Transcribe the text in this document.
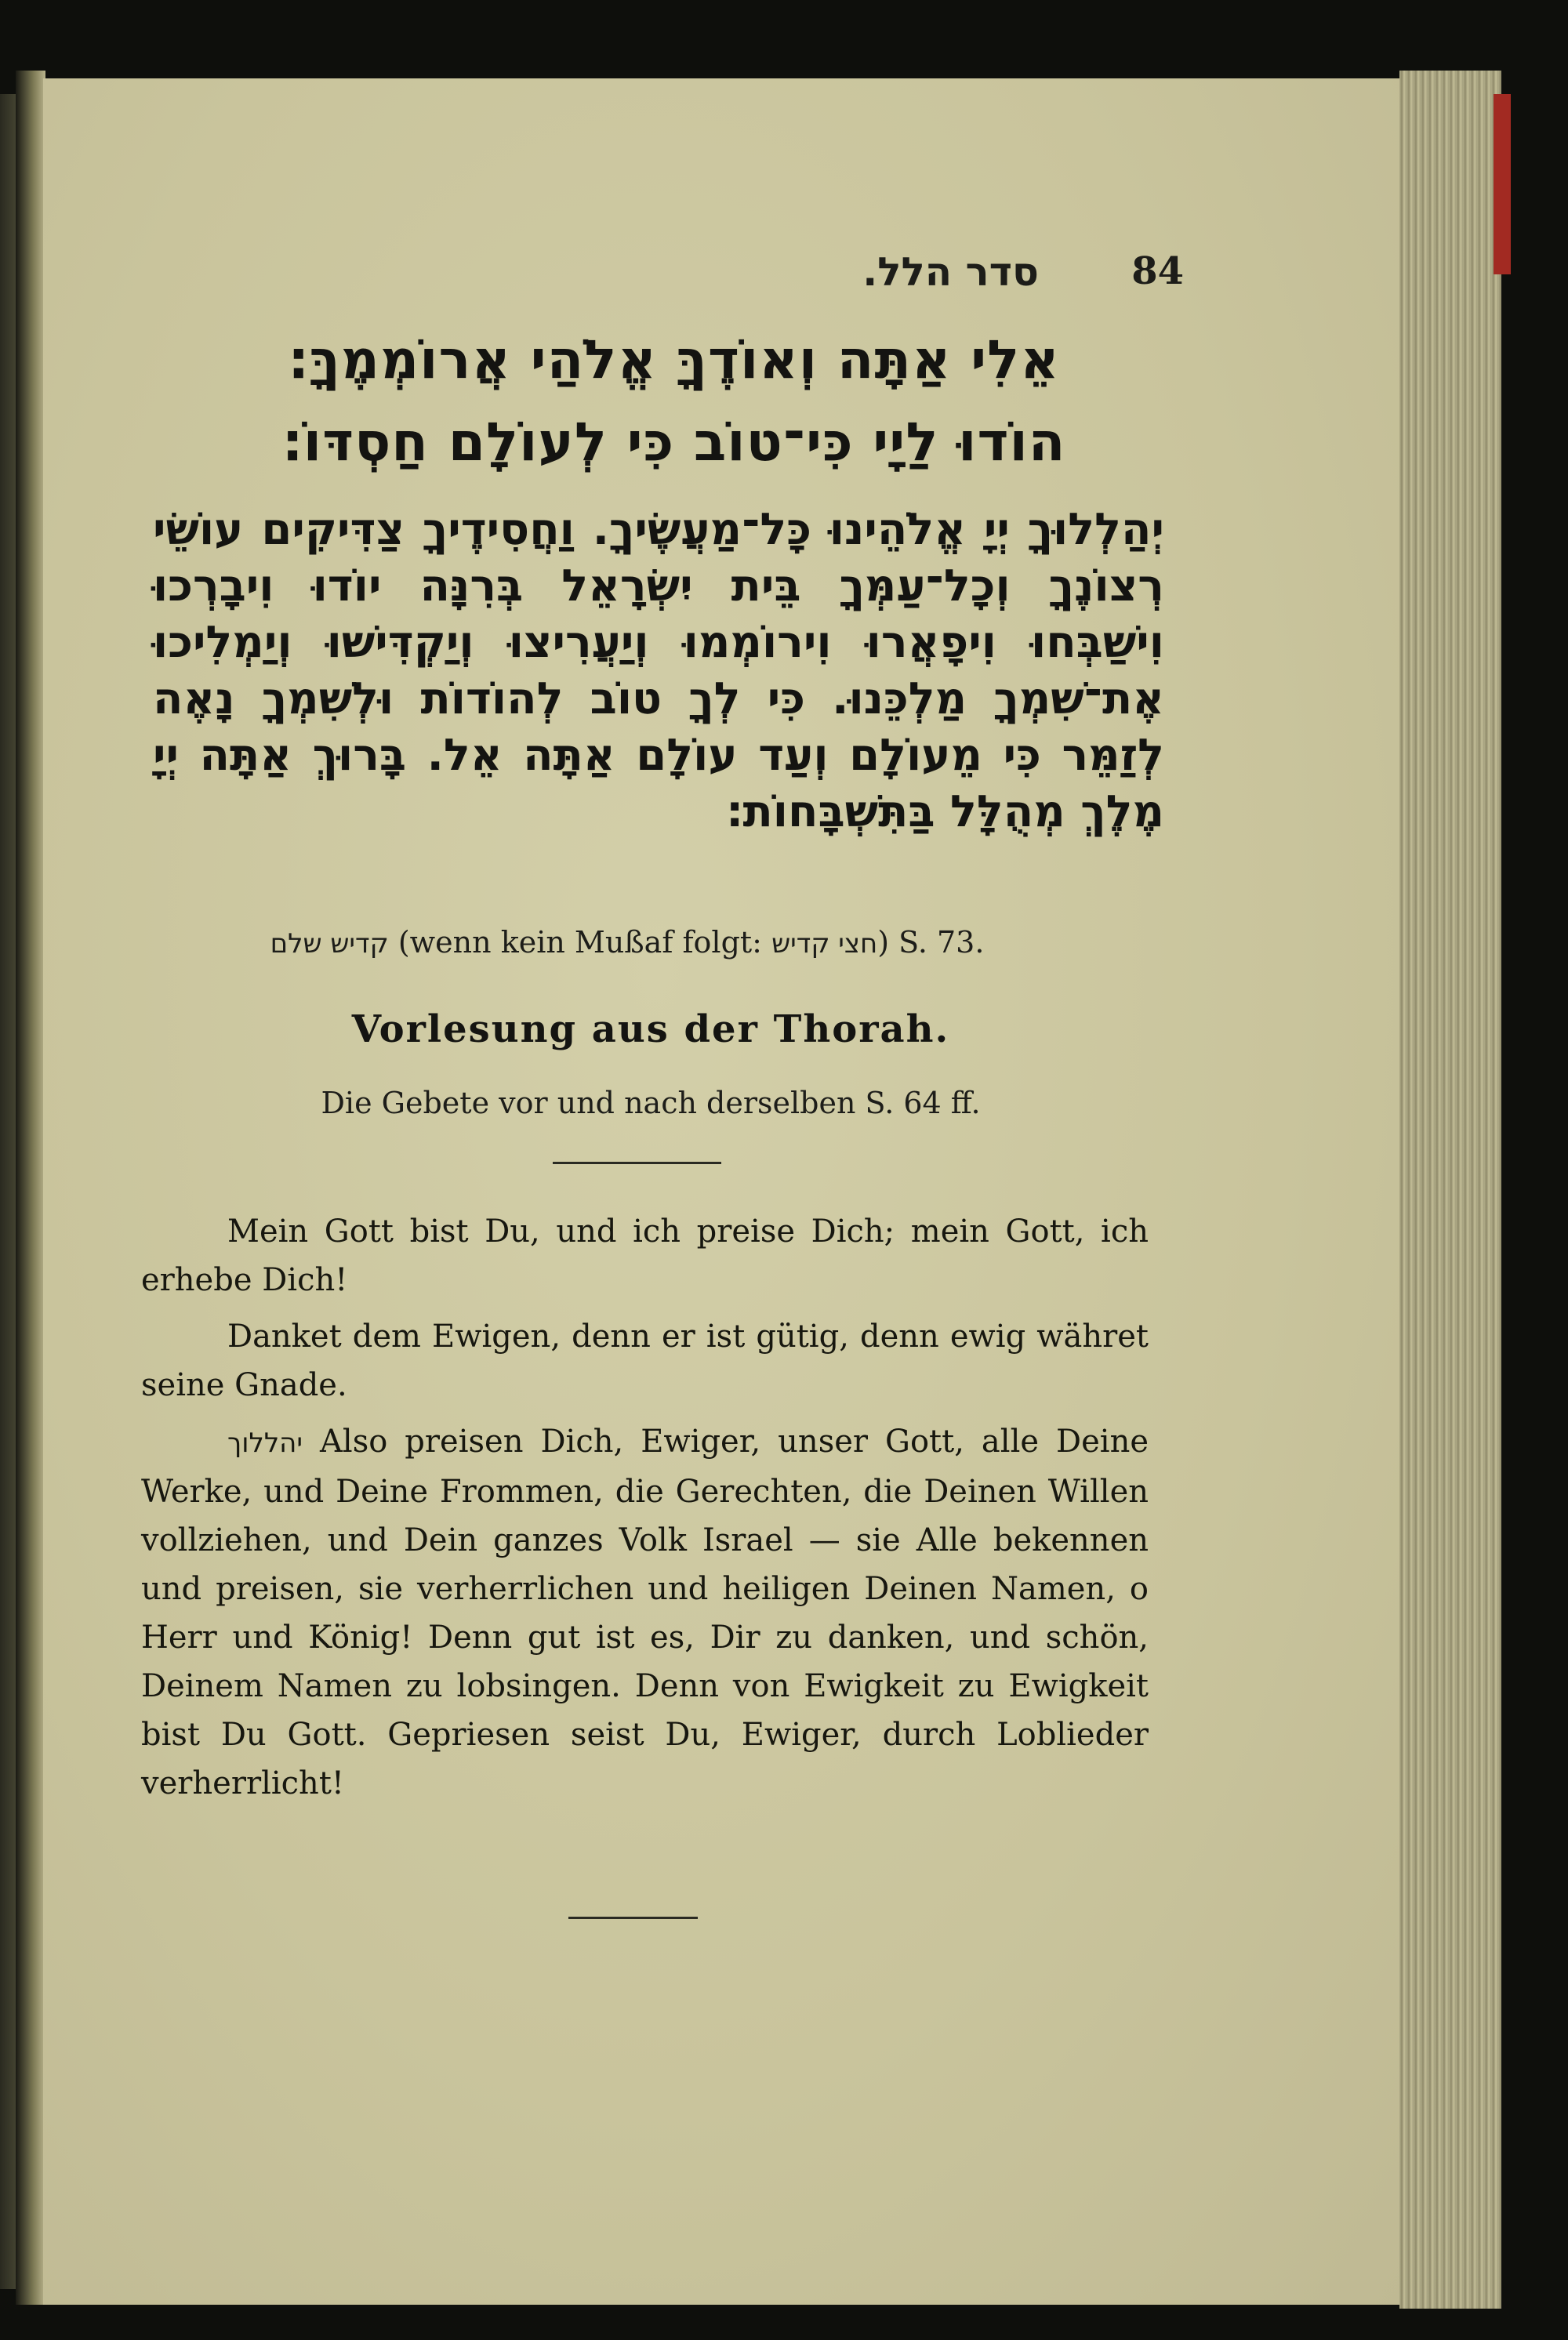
סדר הלל. 84
אֵלִי אַתָּה וְאוֹדֶךָּ אֱלֹהַי אֲרוֹמְמֶךָּ׃
הוֹדוּ לַיָי כִּי־טוֹב כִּי לְעוֹלָם חַסְדּוֹ׃
יְהַלְלוּךָ יְיָ אֱלֹהֵינוּ כָּל־מַעֲשֶׂיךָ. וַחֲסִידֶיךָ צַדִּיקִים עוֹשֵׂי רְצוֹנֶךָ וְכָל־עַמְּךָ בֵּית יִשְׂרָאֵל בְּרִנָּה יוֹדוּ וִיבָרְכוּ וִישַׁבְּחוּ וִיפָאֲרוּ וִירוֹמְמוּ וְיַעֲרִיצוּ וְיַקְדִּישׁוּ וְיַמְלִיכוּ אֶת־שִׁמְךָ מַלְכֵּנוּ. כִּי לְךָ טוֹב לְהוֹדוֹת וּלְשִׁמְךָ נָאֶה לְזַמֵּר כִּי מֵעוֹלָם וְעַד עוֹלָם אַתָּה אֵל. בָּרוּךְ אַתָּה יְיָ מֶלֶךְ מְהֻלָּל בַּתִּשְׁבָּחוֹת׃
קדיש שלם (wenn kein Mußaf folgt: חצי קדיש) S. 73.
Vorlesung aus der Thorah.
Die Gebete vor und nach derselben S. 64 ff.

Mein Gott bist Du, und ich preise Dich; mein Gott, ich erhebe Dich!

Danket dem Ewigen, denn er ist gütig, denn ewig währet seine Gnade.

יהללוך Also preisen Dich, Ewiger, unser Gott, alle Deine Werke, und Deine Frommen, die Gerechten, die Deinen Willen vollziehen, und Dein ganzes Volk Israel — sie Alle bekennen und preisen, sie verherrlichen und heiligen Deinen Namen, o Herr und König! Denn gut ist es, Dir zu danken, und schön, Deinem Namen zu lobsingen. Denn von Ewigkeit zu Ewigkeit bist Du Gott. Gepriesen seist Du, Ewiger, durch Loblieder verherrlicht!
